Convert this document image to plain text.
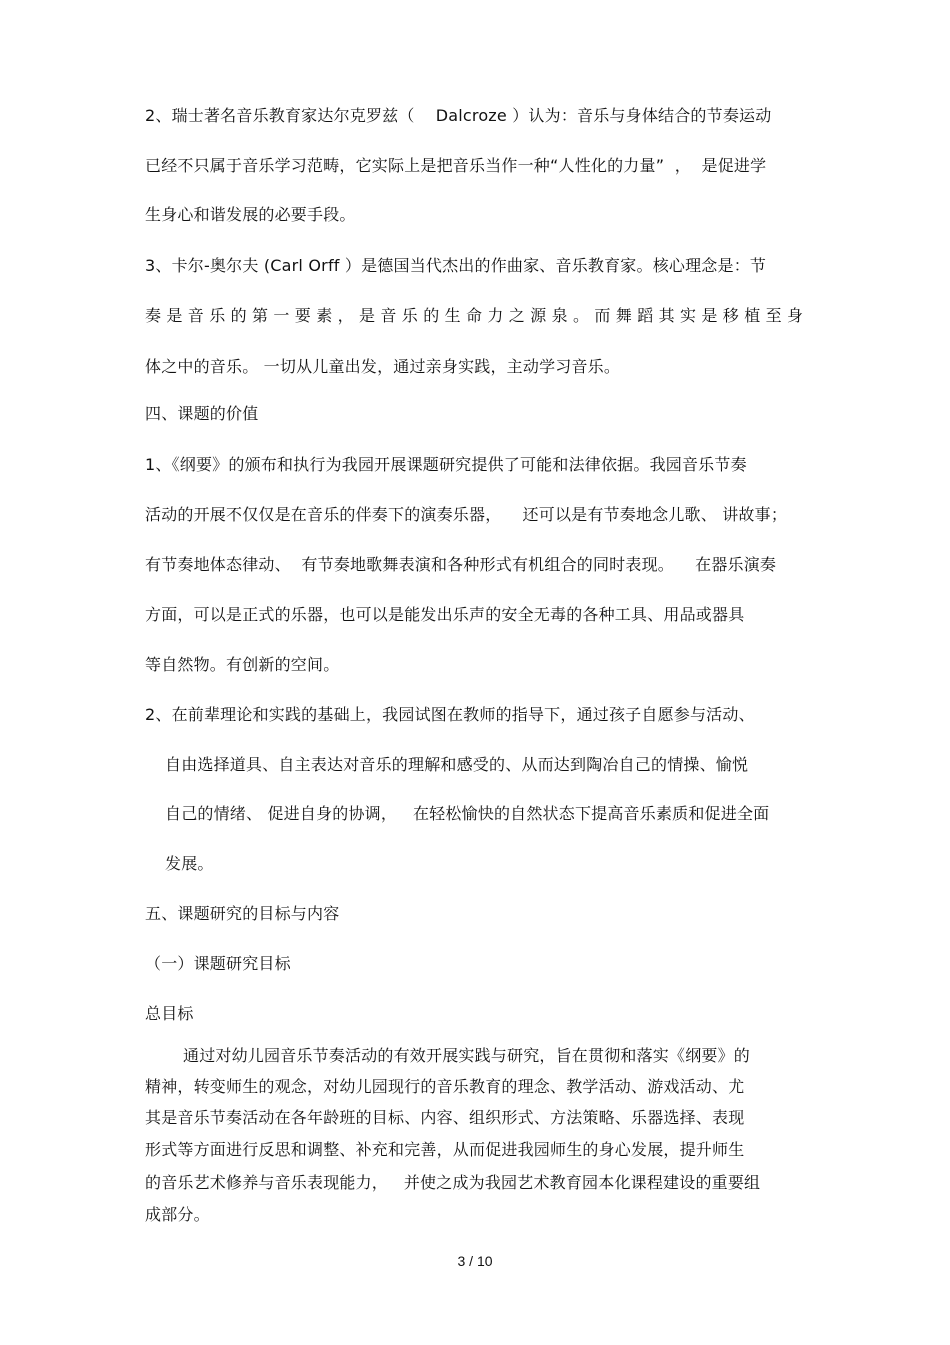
2、瑞士著名音乐教育家达尔克罗兹（    Dalcroze ）认为：音乐与身体结合的节奏运动
已经不只属于音乐学习范畴，它实际上是把音乐当作一种“人性化的力量”  ，  是促进学
生身心和谐发展的必要手段。
3、卡尔-奥尔夫 (Carl Orff ）是德国当代杰出的作曲家、音乐教育家。核心理念是：节
奏是音乐的第一要素，是音乐的生命力之源泉。而舞蹈其实是移植至身
体之中的音乐。 一切从儿童出发，通过亲身实践，主动学习音乐。
四、课题的价值
1、《纲要》的颁布和执行为我园开展课题研究提供了可能和法律依据。我园音乐节奏
活动的开展不仅仅是在音乐的伴奏下的演奏乐器，    还可以是有节奏地念儿歌、 讲故事；
有节奏地体态律动、  有节奏地歌舞表演和各种形式有机组合的同时表现。    在器乐演奏
方面，可以是正式的乐器，也可以是能发出乐声的安全无毒的各种工具、用品或器具
等自然物。有创新的空间。
2、在前辈理论和实践的基础上，我园试图在教师的指导下，通过孩子自愿参与活动、
自由选择道具、自主表达对音乐的理解和感受的、从而达到陶冶自己的情操、愉悦
自己的情绪、 促进自身的协调，   在轻松愉快的自然状态下提高音乐素质和促进全面
发展。
五、课题研究的目标与内容
（一）课题研究目标
总目标
通过对幼儿园音乐节奏活动的有效开展实践与研究，旨在贯彻和落实《纲要》的
精神，转变师生的观念，对幼儿园现行的音乐教育的理念、教学活动、游戏活动、尤
其是音乐节奏活动在各年龄班的目标、内容、组织形式、方法策略、乐器选择、表现
形式等方面进行反思和调整、补充和完善，从而促进我园师生的身心发展，提升师生
的音乐艺术修养与音乐表现能力，   并使之成为我园艺术教育园本化课程建设的重要组
成部分。
3 / 10
